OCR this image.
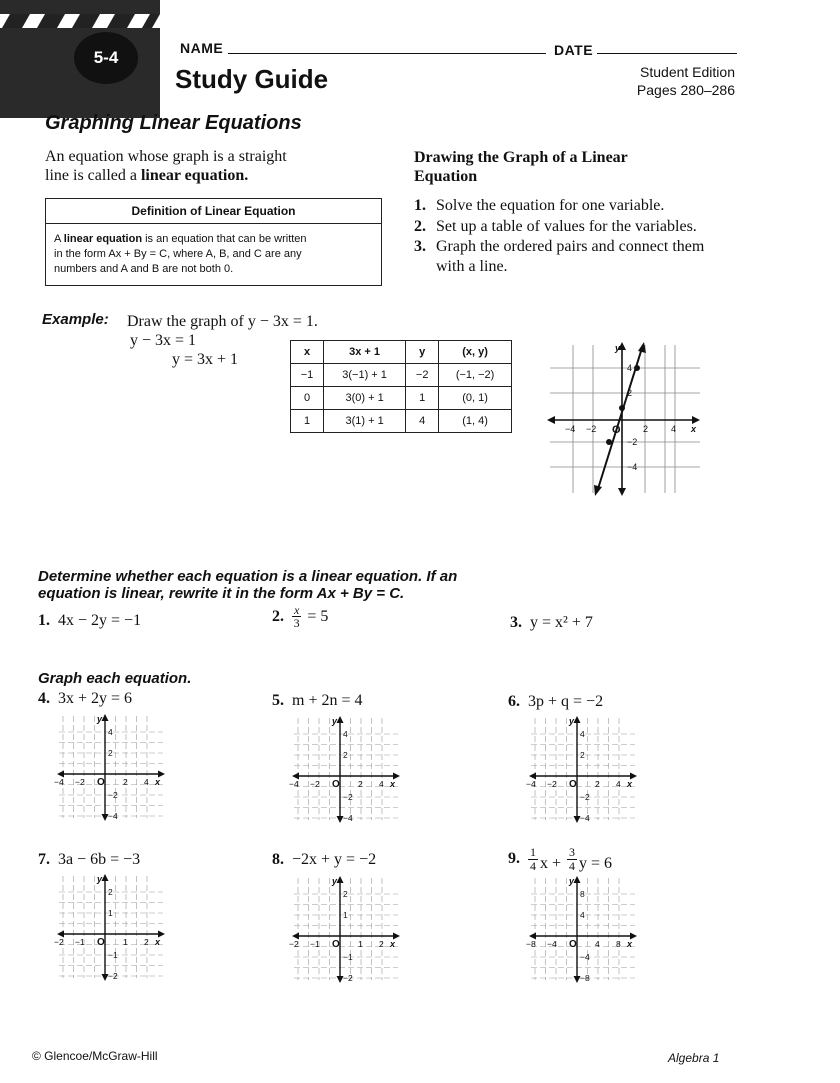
5-4	NAME	DATE
Study Guide	Student Edition
Pages 280–286
Graphing Linear Equations
An equation whose graph is a straight
line is called a linear equation.
Definition of Linear Equation
A linear equation is an equation that can be written
in the form Ax + By = C, where A, B, and C are any
numbers and A and B are not both 0.
Drawing the Graph of a Linear
Equation
1. Solve the equation for one variable.
2. Set up a table of values for the variables.
3. Graph the ordered pairs and connect them with a line.
Example: Draw the graph of y − 3x = 1.
y − 3x = 1
y = 3x + 1	x	3x + 1	y	(x, y)
−1	3(−1) + 1	−2	(−1, −2)
0	3(0) + 1	1	(0, 1)
1	3(1) + 1	4	(1, 4)
y
x
O
−4 −2	2	4
4
2
−2
−4
Determine whether each equation is a linear equation. If an
equation is linear, rewrite it in the form Ax + By = C.
1. 4x − 2y = −1	2. $\frac{x}{3} = 5$	3. y = x² + 7
Graph each equation.
4. 3x + 2y = 6	5. m + 2n = 4	6. 3p + q = −2
7. 3a − 6b = −3	8. −2x + y = −2	9. $\frac{1}{4}$ $x + \frac{3}{4}$ y = 6
y
x
O
−4 −2	2 4
4
2
−2
−4
y
x
O
−4 −2	2 4
4
2
−2
−4
y
x
O
−4 −2	2 4
4
2
−2
−4
y
x
O
−2 −1	1 2
2
1
−1
−2
y
x
O
−2 −1	1 2
2
1
−1
−2
y
x
O
−8 −4	4 8
8
4
−4
−8
© Glencoe/McGraw-Hill	Algebra 1
